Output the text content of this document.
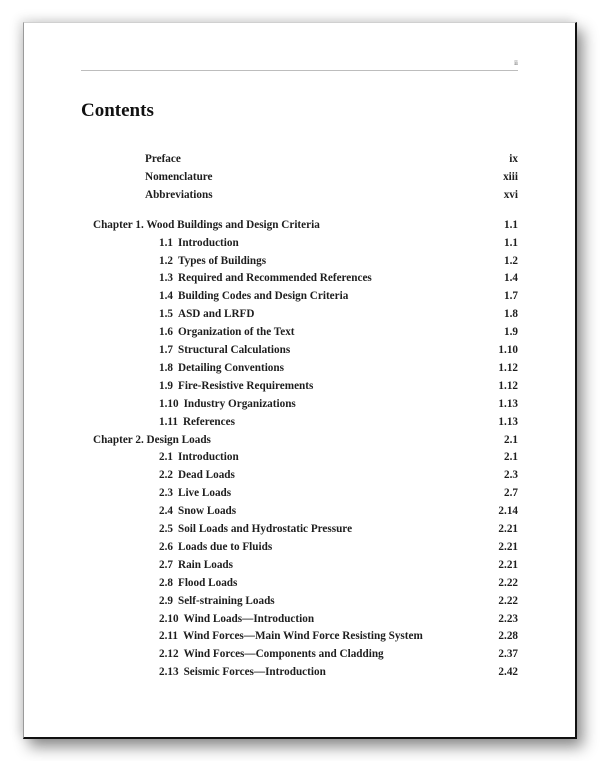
ii
Contents
Preface	ix
Nomenclature	xiii
Abbreviations	xvi
Chapter 1. Wood Buildings and Design Criteria	1.1
1.1 Introduction	1.1
1.2 Types of Buildings	1.2
1.3 Required and Recommended References	1.4
1.4 Building Codes and Design Criteria	1.7
1.5 ASD and LRFD	1.8
1.6 Organization of the Text	1.9
1.7 Structural Calculations	1.10
1.8 Detailing Conventions	1.12
1.9 Fire-Resistive Requirements	1.12
1.10 Industry Organizations	1.13
1.11 References	1.13
Chapter 2. Design Loads	2.1
2.1 Introduction	2.1
2.2 Dead Loads	2.3
2.3 Live Loads	2.7
2.4 Snow Loads	2.14
2.5 Soil Loads and Hydrostatic Pressure	2.21
2.6 Loads due to Fluids	2.21
2.7 Rain Loads	2.21
2.8 Flood Loads	2.22
2.9 Self-straining Loads	2.22
2.10 Wind Loads—Introduction	2.23
2.11 Wind Forces—Main Wind Force Resisting System	2.28
2.12 Wind Forces—Components and Cladding	2.37
2.13 Seismic Forces—Introduction	2.42
